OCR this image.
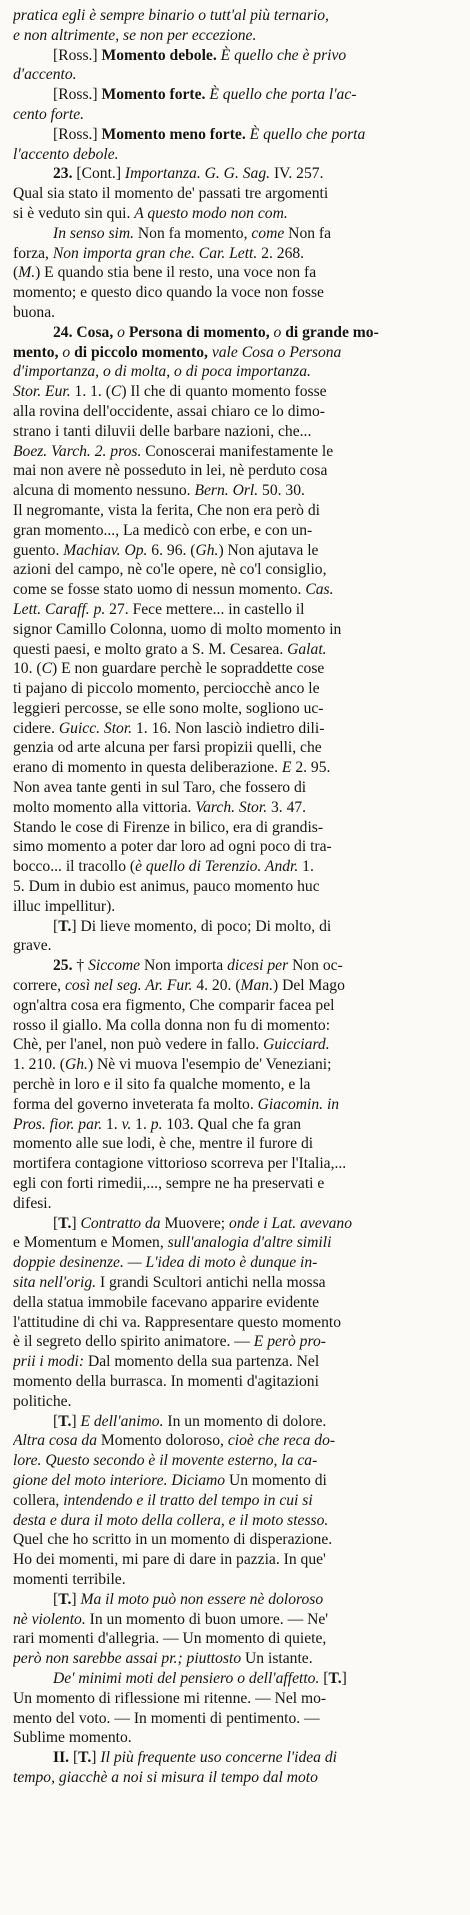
pratica egli è sempre binario o tutt'al più ternario,
e non altrimente, se non per eccezione.
[Ross.] Momento debole. È quello che è privo
d'accento.
[Ross.] Momento forte. È quello che porta l'ac-
cento forte.
[Ross.] Momento meno forte. È quello che porta
l'accento debole.
23. [Cont.] Importanza. G. G. Sag. IV. 257.
Qual sia stato il momento de' passati tre argomenti
si è veduto sin qui. A questo modo non com.
In senso sim. Non fa momento, come Non fa
forza, Non importa gran che. Car. Lett. 2. 268.
(M.) E quando stia bene il resto, una voce non fa
momento; e questo dico quando la voce non fosse
buona.
24. Cosa, o Persona di momento, o di grande mo-
mento, o di piccolo momento, vale Cosa o Persona
d'importanza, o di molta, o di poca importanza.
Stor. Eur. 1. 1. (C) Il che di quanto momento fosse
alla rovina dell'occidente, assai chiaro ce lo dimo-
strano i tanti diluvii delle barbare nazioni, che...
Boez. Varch. 2. pros. Conoscerai manifestamente le
mai non avere nè posseduto in lei, nè perduto cosa
alcuna di momento nessuno. Bern. Orl. 50. 30.
Il negromante, vista la ferita, Che non era però di
gran momento..., La medicò con erbe, e con un-
guento. Machiav. Op. 6. 96. (Gh.) Non ajutava le
azioni del campo, nè co'le opere, nè co'l consiglio,
come se fosse stato uomo di nessun momento. Cas.
Lett. Caraff. p. 27. Fece mettere... in castello il
signor Camillo Colonna, uomo di molto momento in
questi paesi, e molto grato a S. M. Cesarea. Galat.
10. (C) E non guardare perchè le sopraddette cose
ti pajano di piccolo momento, perciocchè anco le
leggieri percosse, se elle sono molte, sogliono uc-
cidere. Guicc. Stor. 1. 16. Non lasciò indietro dili-
genzia od arte alcuna per farsi propizii quelli, che
erano di momento in questa deliberazione. E 2. 95.
Non avea tante genti in sul Taro, che fossero di
molto momento alla vittoria. Varch. Stor. 3. 47.
Stando le cose di Firenze in bilico, era di grandis-
simo momento a poter dar loro ad ogni poco di tra-
bocco... il tracollo (è quello di Terenzio. Andr. 1.
5. Dum in dubio est animus, pauco momento huc
illuc impellitur).
[T.] Di lieve momento, di poco; Di molto, di
grave.
25. † Siccome Non importa dicesi per Non oc-
correre, così nel seg. Ar. Fur. 4. 20. (Man.) Del Mago
ogn'altra cosa era figmento, Che comparir facea pel
rosso il giallo. Ma colla donna non fu di momento:
Chè, per l'anel, non può vedere in fallo. Guicciard.
1. 210. (Gh.) Nè vi muova l'esempio de' Veneziani;
perchè in loro e il sito fa qualche momento, e la
forma del governo inveterata fa molto. Giacomin. in
Pros. fior. par. 1. v. 1. p. 103. Qual che fa gran
momento alle sue lodi, è che, mentre il furore di
mortifera contagione vittorioso scorreva per l'Italia,...
egli con forti rimedii,..., sempre ne ha preservati e
difesi.
[T.] Contratto da Muovere; onde i Lat. avevano
e Momentum e Momen, sull'analogia d'altre simili
doppie desinenze. — L'idea di moto è dunque in-
sita nell'orig. I grandi Scultori antichi nella mossa
della statua immobile facevano apparire evidente
l'attitudine di chi va. Rappresentare questo momento
è il segreto dello spirito animatore. — E però pro-
prii i modi: Dal momento della sua partenza. Nel
momento della burrasca. In momenti d'agitazioni
politiche.
[T.] E dell'animo. In un momento di dolore.
Altra cosa da Momento doloroso, cioè che reca do-
lore. Questo secondo è il movente esterno, la ca-
gione del moto interiore. Diciamo Un momento di
collera, intendendo e il tratto del tempo in cui si
desta e dura il moto della collera, e il moto stesso.
Quel che ho scritto in un momento di disperazione.
Ho dei momenti, mi pare di dare in pazzia. In que'
momenti terribile.
[T.] Ma il moto può non essere nè doloroso
nè violento. In un momento di buon umore. — Ne'
rari momenti d'allegria. — Un momento di quiete,
però non sarebbe assai pr.; piuttosto Un istante.
De' minimi moti del pensiero o dell'affetto. [T.]
Un momento di riflessione mi ritenne. — Nel mo-
mento del voto. — In momenti di pentimento. —
Sublime momento.
II. [T.] Il più frequente uso concerne l'idea di
tempo, giacchè a noi si misura il tempo dal moto
